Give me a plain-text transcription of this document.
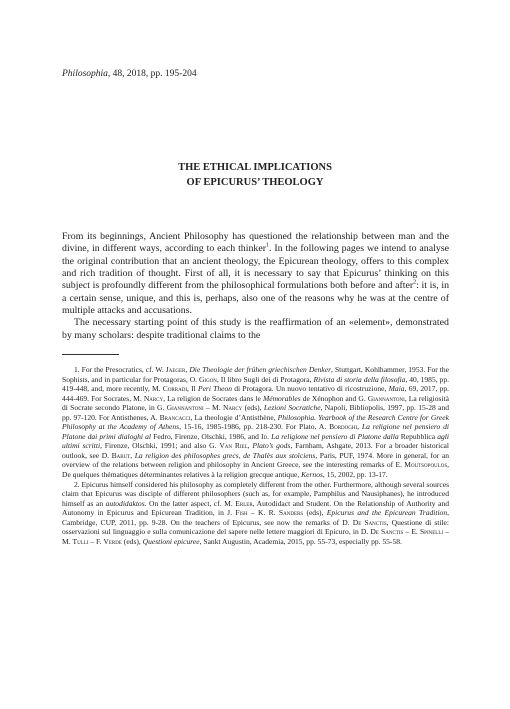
Philosophia, 48, 2018, pp. 195-204
THE ETHICAL IMPLICATIONS
OF EPICURUS’ THEOLOGY

From its beginnings, Ancient Philosophy has questioned the relationship between man and the divine, in different ways, according to each thinker$^1$. In the following pages we intend to analyse the original contribution that an ancient theology, the Epicurean theology, offers to this complex and rich tradition of thought. First of all, it is necessary to say that Epicurus’ thinking on this subject is profoundly different from the philosophical formulations both before and after$^2$: it is, in a certain sense, unique, and this is, perhaps, also one of the reasons why he was at the centre of multiple attacks and accusations.

The necessary starting point of this study is the reaffirmation of an «element», demonstrated by many scholars: despite traditional claims to the

1. For the Presocratics, cf. W. Jaeger, Die Theologie der frühen griechischen Denker, Stuttgart, Kohlhammer, 1953. For the Sophists, and in particular for Protagoras, O. Gigon, Il libro Sugli dei di Protagora, Rivista di storia della filosofia, 40, 1985, pp. 419-448, and, more recently, M. Corradi, Il Peri Theon di Protagora. Un nuovo tentativo di ricostruzione, Maia, 69, 2017, pp. 444-469. For Socrates, M. Narcy, La religion de Socrates dans le Mémorables de Xénophon and G. Giannantoni, La religiosità di Socrate secondo Platone, in G. Giannantoni – M. Narcy (eds), Lezioni Socratiche, Napoli, Bibliopolis, 1997, pp. 15-28 and pp. 97-120. For Antisthenes, A. Brancacci, La theologie d’Antisthène, Philosophia. Yearbook of the Research Centre for Greek Philosophy at the Academy of Athens, 15-16, 1985-1986, pp. 218-230. For Plato, A. Bordoghi, La religione nel pensiero di Platone dai primi dialoghi al Fedro, Firenze, Olschki, 1986, and Id. La religione nel pensiero di Platone dalla Repubblica agli ultimi scritti, Firenze, Olschki, 1991; and also G. Van Riel, Plato’s gods, Farnham, Ashgate, 2013. For a broader historical outlook, see D. Babut, La religion des philosophes grecs, de Thalès aux stoïciens, Paris, PUF, 1974. More in general, for an overview of the relations between religion and philosophy in Ancient Greece, see the interesting remarks of E. Moutsopoulos, De quelques thématiques déterminantes relatives à la religion grecque antique, Kernos, 15, 2002, pp. 13-17.

2. Epicurus himself considered his philosophy as completely different from the other. Furthermore, although several sources claim that Epicurus was disciple of different philosophers (such as, for example, Pamphilus and Nausiphanes), he introduced himself as an autodidaktos. On the latter aspect, cf. M. Erler, Autodidact and Student. On the Relationship of Authority and Autonomy in Epicurus and Epicurean Tradition, in J. Fish – K. R. Sanders (eds), Epicurus and the Epicurean Tradition, Cambridge, CUP, 2011, pp. 9-28. On the teachers of Epicurus, see now the remarks of D. De Sanctis, Questione di stile: osservazioni sul linguaggio e sulla comunicazione del sapere nelle lettere maggiori di Epicuro, in D. De Sanctis – E. Spinelli – M. Tulli – F. Verde (eds), Questioni epicuree, Sankt Augustin, Academia, 2015, pp. 55-73, especially pp. 55-58.
